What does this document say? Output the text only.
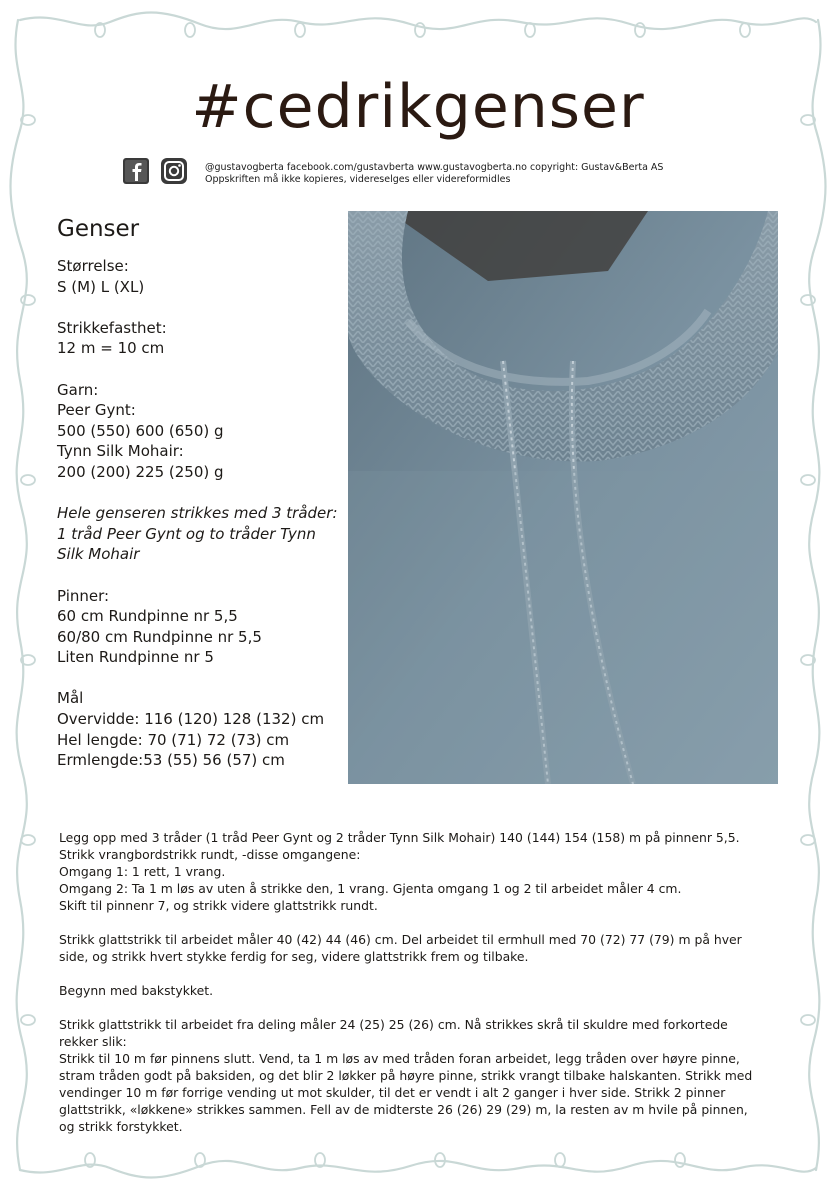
#cedrikgenser
@gustavogberta facebook.com/gustavberta www.gustavogberta.no copyright: Gustav&Berta AS
Oppskriften må ikke kopieres, videreselges eller videreformidles
Genser
Størrelse:
S (M) L (XL)
Strikkefasthet:
12 m = 10 cm
Garn:
Peer Gynt:
500 (550) 600 (650) g
Tynn Silk Mohair:
200 (200) 225 (250) g
Hele genseren strikkes med 3 tråder: 1 tråd Peer Gynt og to tråder Tynn Silk Mohair
Pinner:
60 cm Rundpinne nr 5,5
60/80 cm Rundpinne nr 5,5
Liten Rundpinne nr 5
Mål
Overvidde: 116 (120) 128 (132) cm
Hel lengde: 70 (71) 72 (73) cm
Ermlengde:53 (55) 56 (57) cm

Legg opp med 3 tråder (1 tråd Peer Gynt og 2 tråder Tynn Silk Mohair) 140 (144) 154 (158) m på pinnenr 5,5.
Strikk vrangbordstrikk rundt, -disse omgangene:
Omgang 1: 1 rett, 1 vrang.
Omgang 2: Ta 1 m løs av uten å strikke den, 1 vrang. Gjenta omgang 1 og 2 til arbeidet måler 4 cm.
Skift til pinnenr 7, og strikk videre glattstrikk rundt.

Strikk glattstrikk til arbeidet måler 40 (42) 44 (46) cm. Del arbeidet til ermhull med 70 (72) 77 (79) m på hver
side, og strikk hvert stykke ferdig for seg, videre glattstrikk frem og tilbake.

Begynn med bakstykket.

Strikk glattstrikk til arbeidet fra deling måler 24 (25) 25 (26) cm. Nå strikkes skrå til skuldre med forkortede
rekker slik:
Strikk til 10 m før pinnens slutt. Vend, ta 1 m løs av med tråden foran arbeidet, legg tråden over høyre pinne,
stram tråden godt på baksiden, og det blir 2 løkker på høyre pinne, strikk vrangt tilbake halskanten. Strikk med
vendinger 10 m før forrige vending ut mot skulder, til det er vendt i alt 2 ganger i hver side. Strikk 2 pinner
glattstrikk, «løkkene» strikkes sammen. Fell av de midterste 26 (26) 29 (29) m, la resten av m hvile på pinnen,
og strikk forstykket.
